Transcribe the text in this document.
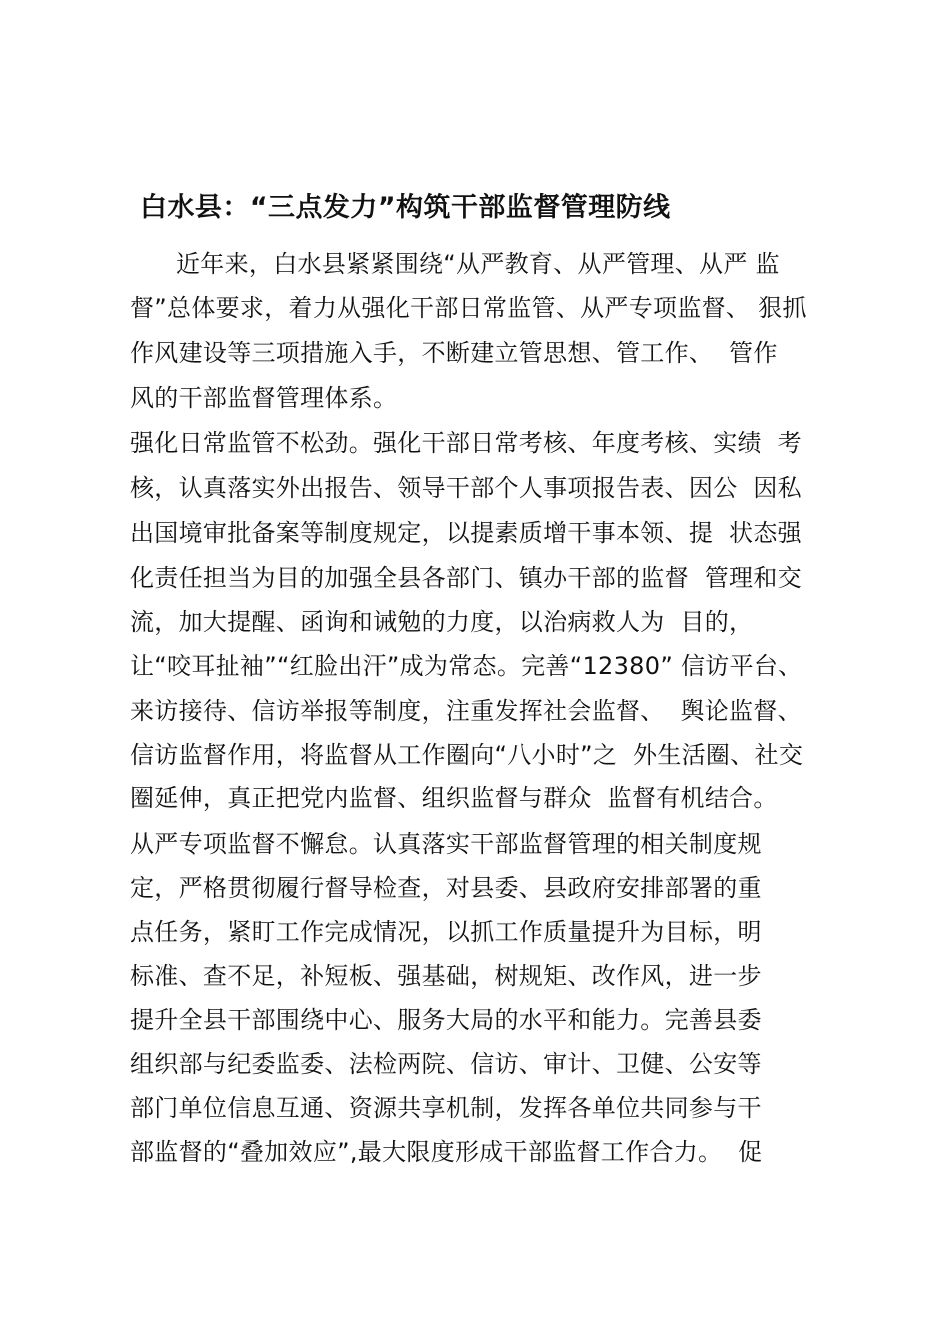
白水县：“三点发力”构筑干部监督管理防线
近年来，白水县紧紧围绕“从严教育、从严管理、从严 监
督”总体要求，着力从强化干部日常监管、从严专项监督、 狠抓
作风建设等三项措施入手，不断建立管思想、管工作、  管作
风的干部监督管理体系。
强化日常监管不松劲。强化干部日常考核、年度考核、实绩  考
核，认真落实外出报告、领导干部个人事项报告表、因公  因私
出国境审批备案等制度规定，以提素质增干事本领、提  状态强
化责任担当为目的加强全县各部门、镇办干部的监督  管理和交
流，加大提醒、函询和诫勉的力度，以治病救人为  目的，
让“咬耳扯袖”“红脸出汗”成为常态。完善“12380” 信访平台、
来访接待、信访举报等制度，注重发挥社会监督、  舆论监督、
信访监督作用，将监督从工作圈向“八小时”之  外生活圈、社交
圈延伸，真正把党内监督、组织监督与群众  监督有机结合。
从严专项监督不懈怠。认真落实干部监督管理的相关制度规
定，严格贯彻履行督导检查，对县委、县政府安排部署的重
点任务，紧盯工作完成情况，以抓工作质量提升为目标，明
标准、查不足，补短板、强基础，树规矩、改作风，进一步
提升全县干部围绕中心、服务大局的水平和能力。完善县委
组织部与纪委监委、法检两院、信访、审计、卫健、公安等
部门单位信息互通、资源共享机制，发挥各单位共同参与干
部监督的“叠加效应”,最大限度形成干部监督工作合力。  促
